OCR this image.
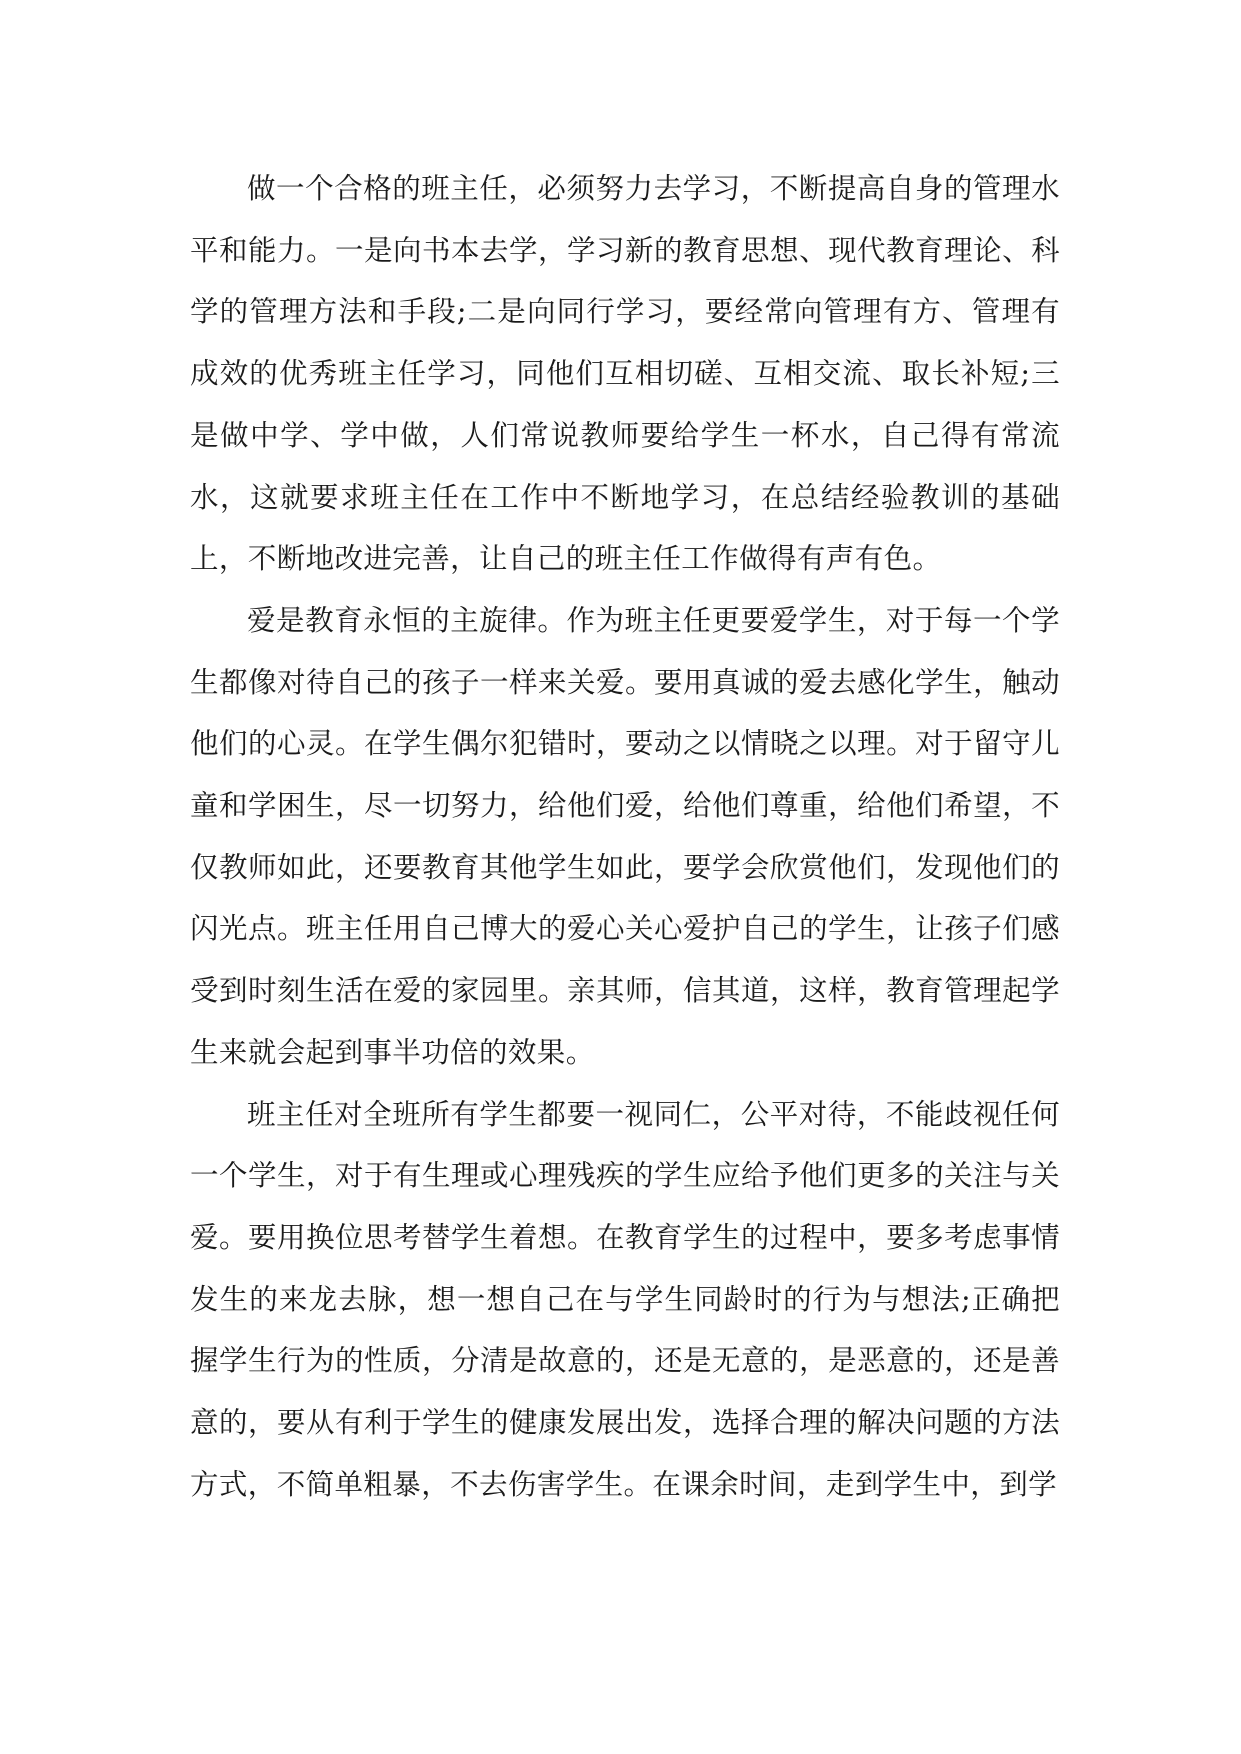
做一个合格的班主任，必须努力去学习，不断提高自身的管理水平和能力。一是向书本去学，学习新的教育思想、现代教育理论、科学的管理方法和手段;二是向同行学习，要经常向管理有方、管理有成效的优秀班主任学习，同他们互相切磋、互相交流、取长补短;三是做中学、学中做，人们常说教师要给学生一杯水，自己得有常流水，这就要求班主任在工作中不断地学习，在总结经验教训的基础上，不断地改进完善，让自己的班主任工作做得有声有色。

爱是教育永恒的主旋律。作为班主任更要爱学生，对于每一个学生都像对待自己的孩子一样来关爱。要用真诚的爱去感化学生，触动他们的心灵。在学生偶尔犯错时，要动之以情晓之以理。对于留守儿童和学困生，尽一切努力，给他们爱，给他们尊重，给他们希望，不仅教师如此，还要教育其他学生如此，要学会欣赏他们，发现他们的闪光点。班主任用自己博大的爱心关心爱护自己的学生，让孩子们感受到时刻生活在爱的家园里。亲其师，信其道，这样，教育管理起学生来就会起到事半功倍的效果。

班主任对全班所有学生都要一视同仁，公平对待，不能歧视任何一个学生，对于有生理或心理残疾的学生应给予他们更多的关注与关爱。要用换位思考替学生着想。在教育学生的过程中，要多考虑事情发生的来龙去脉，想一想自己在与学生同龄时的行为与想法;正确把握学生行为的性质，分清是故意的，还是无意的，是恶意的，还是善意的，要从有利于学生的健康发展出发，选择合理的解决问题的方法方式，不简单粗暴，不去伤害学生。在课余时间，走到学生中，到学
